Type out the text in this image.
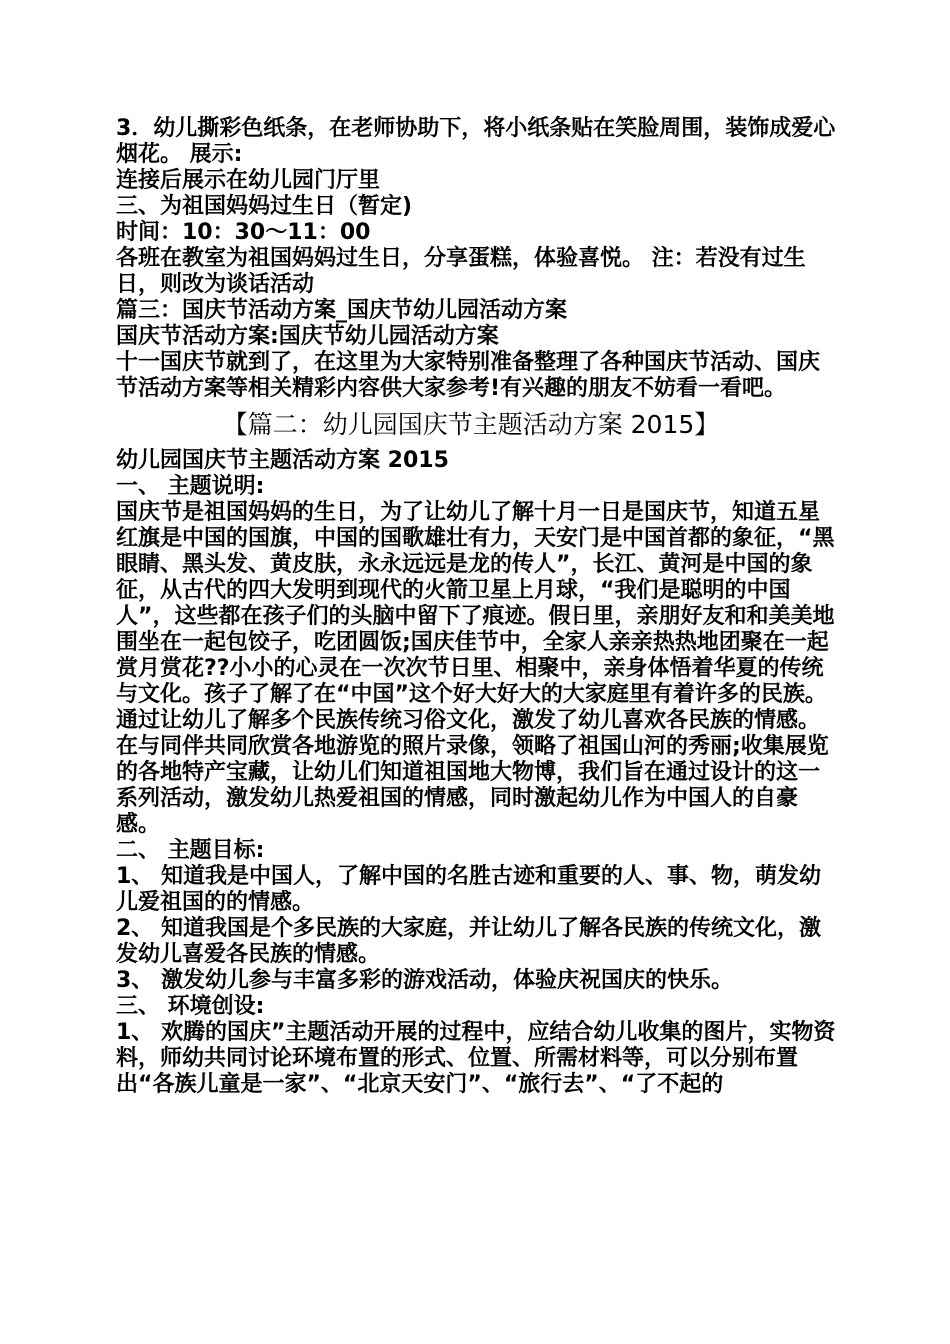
3．幼儿撕彩色纸条，在老师协助下，将小纸条贴在笑脸周围，装饰成爱心烟花。 展示:

连接后展示在幼儿园门厅里

三、为祖国妈妈过生日（暂定)

时间：10：30～11：00

各班在教室为祖国妈妈过生日，分享蛋糕，体验喜悦。 注：若没有过生日，则改为谈话活动

篇三：国庆节活动方案_国庆节幼儿园活动方案

国庆节活动方案:国庆节幼儿园活动方案

十一国庆节就到了，在这里为大家特别准备整理了各种国庆节活动、国庆节活动方案等相关精彩内容供大家参考!有兴趣的朋友不妨看一看吧。

【篇二：幼儿园国庆节主题活动方案 2015】

幼儿园国庆节主题活动方案 2015

一、 主题说明:

国庆节是祖国妈妈的生日，为了让幼儿了解十月一日是国庆节，知道五星红旗是中国的国旗，中国的国歌雄壮有力，天安门是中国首都的象征，“黑眼睛、黑头发、黄皮肤，永永远远是龙的传人”，长江、黄河是中国的象征，从古代的四大发明到现代的火箭卫星上月球，“我们是聪明的中国人”，这些都在孩子们的头脑中留下了痕迹。假日里，亲朋好友和和美美地围坐在一起包饺子，吃团圆饭;国庆佳节中，全家人亲亲热热地团聚在一起赏月赏花??小小的心灵在一次次节日里、相聚中，亲身体悟着华夏的传统与文化。孩子了解了在“中国”这个好大好大的大家庭里有着许多的民族。通过让幼儿了解多个民族传统习俗文化，激发了幼儿喜欢各民族的情感。在与同伴共同欣赏各地游览的照片录像，领略了祖国山河的秀丽;收集展览的各地特产宝藏，让幼儿们知道祖国地大物博，我们旨在通过设计的这一系列活动，激发幼儿热爱祖国的情感，同时激起幼儿作为中国人的自豪感。

二、 主题目标:

1、 知道我是中国人，了解中国的名胜古迹和重要的人、事、物，萌发幼儿爱祖国的的情感。

2、 知道我国是个多民族的大家庭，并让幼儿了解各民族的传统文化，激发幼儿喜爱各民族的情感。

3、 激发幼儿参与丰富多彩的游戏活动，体验庆祝国庆的快乐。

三、 环境创设:

1、 欢腾的国庆”主题活动开展的过程中，应结合幼儿收集的图片，实物资料，师幼共同讨论环境布置的形式、位置、所需材料等，可以分别布置出“各族儿童是一家”、“北京天安门”、“旅行去”、“了不起的
